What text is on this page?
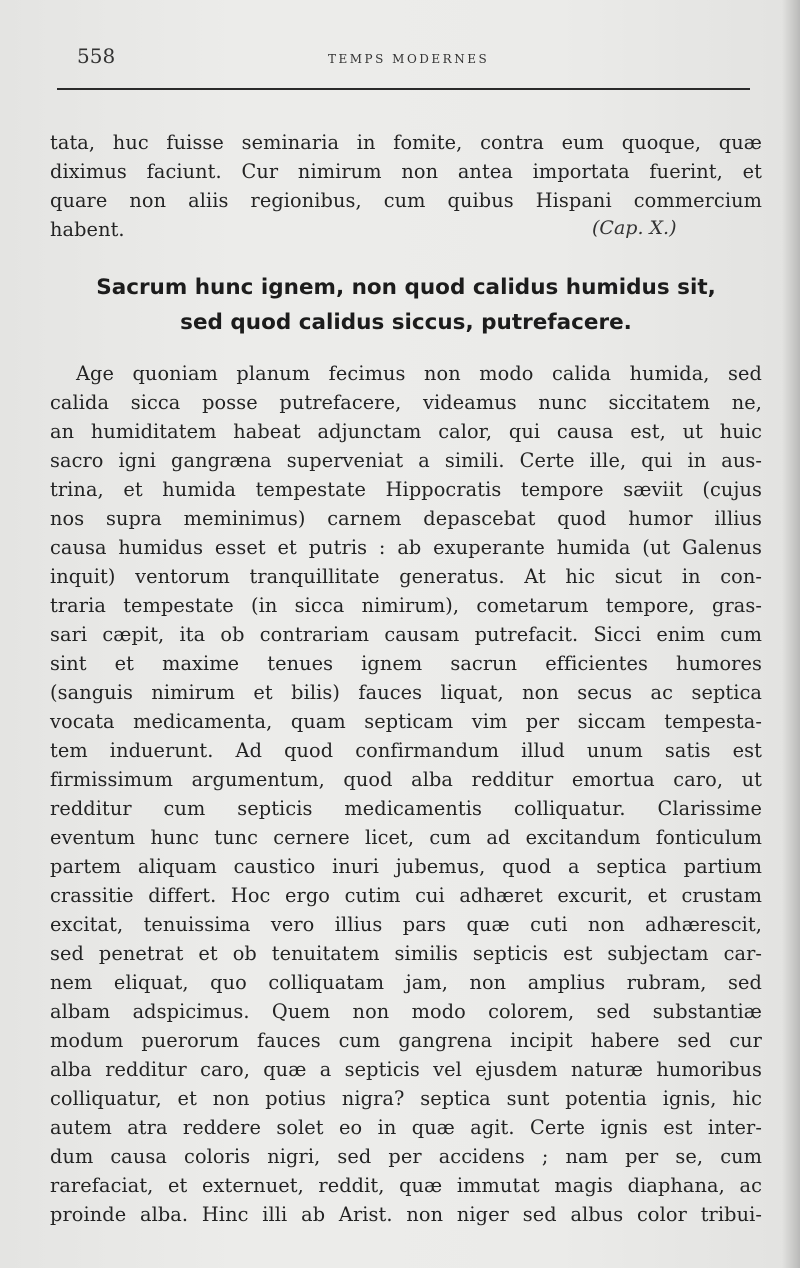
558	TEMPS MODERNES
tata, huc fuisse seminaria in fomite, contra eum quoque, quæ
diximus faciunt. Cur nimirum non antea importata fuerint, et
quare non aliis regionibus, cum quibus Hispani commercium
habent.	(Cap. X.)
Sacrum hunc ignem, non quod calidus humidus sit,
sed quod calidus siccus, putrefacere.
Age quoniam planum fecimus non modo calida humida, sed
calida sicca posse putrefacere, videamus nunc siccitatem ne,
an humiditatem habeat adjunctam calor, qui causa est, ut huic
sacro igni gangræna superveniat a simili. Certe ille, qui in aus-
trina, et humida tempestate Hippocratis tempore sæviit (cujus
nos supra meminimus) carnem depascebat quod humor illius
causa humidus esset et putris : ab exuperante humida (ut Galenus
inquit) ventorum tranquillitate generatus. At hic sicut in con-
traria tempestate (in sicca nimirum), cometarum tempore, gras-
sari cæpit, ita ob contrariam causam putrefacit. Sicci enim cum
sint et maxime tenues ignem sacrun efficientes humores
(sanguis nimirum et bilis) fauces liquat, non secus ac septica
vocata medicamenta, quam septicam vim per siccam tempesta-
tem induerunt. Ad quod confirmandum illud unum satis est
firmissimum argumentum, quod alba redditur emortua caro, ut
redditur cum septicis medicamentis colliquatur. Clarissime
eventum hunc tunc cernere licet, cum ad excitandum fonticulum
partem aliquam caustico inuri jubemus, quod a septica partium
crassitie differt. Hoc ergo cutim cui adhæret excurit, et crustam
excitat, tenuissima vero illius pars quæ cuti non adhærescit,
sed penetrat et ob tenuitatem similis septicis est subjectam car-
nem eliquat, quo colliquatam jam, non amplius rubram, sed
albam adspicimus. Quem non modo colorem, sed substantiæ
modum puerorum fauces cum gangrena incipit habere sed cur
alba redditur caro, quæ a septicis vel ejusdem naturæ humoribus
colliquatur, et non potius nigra? septica sunt potentia ignis, hic
autem atra reddere solet eo in quæ agit. Certe ignis est inter-
dum causa coloris nigri, sed per accidens ; nam per se, cum
rarefaciat, et externuet, reddit, quæ immutat magis diaphana, ac
proinde alba. Hinc illi ab Arist. non niger sed albus color tribui-
